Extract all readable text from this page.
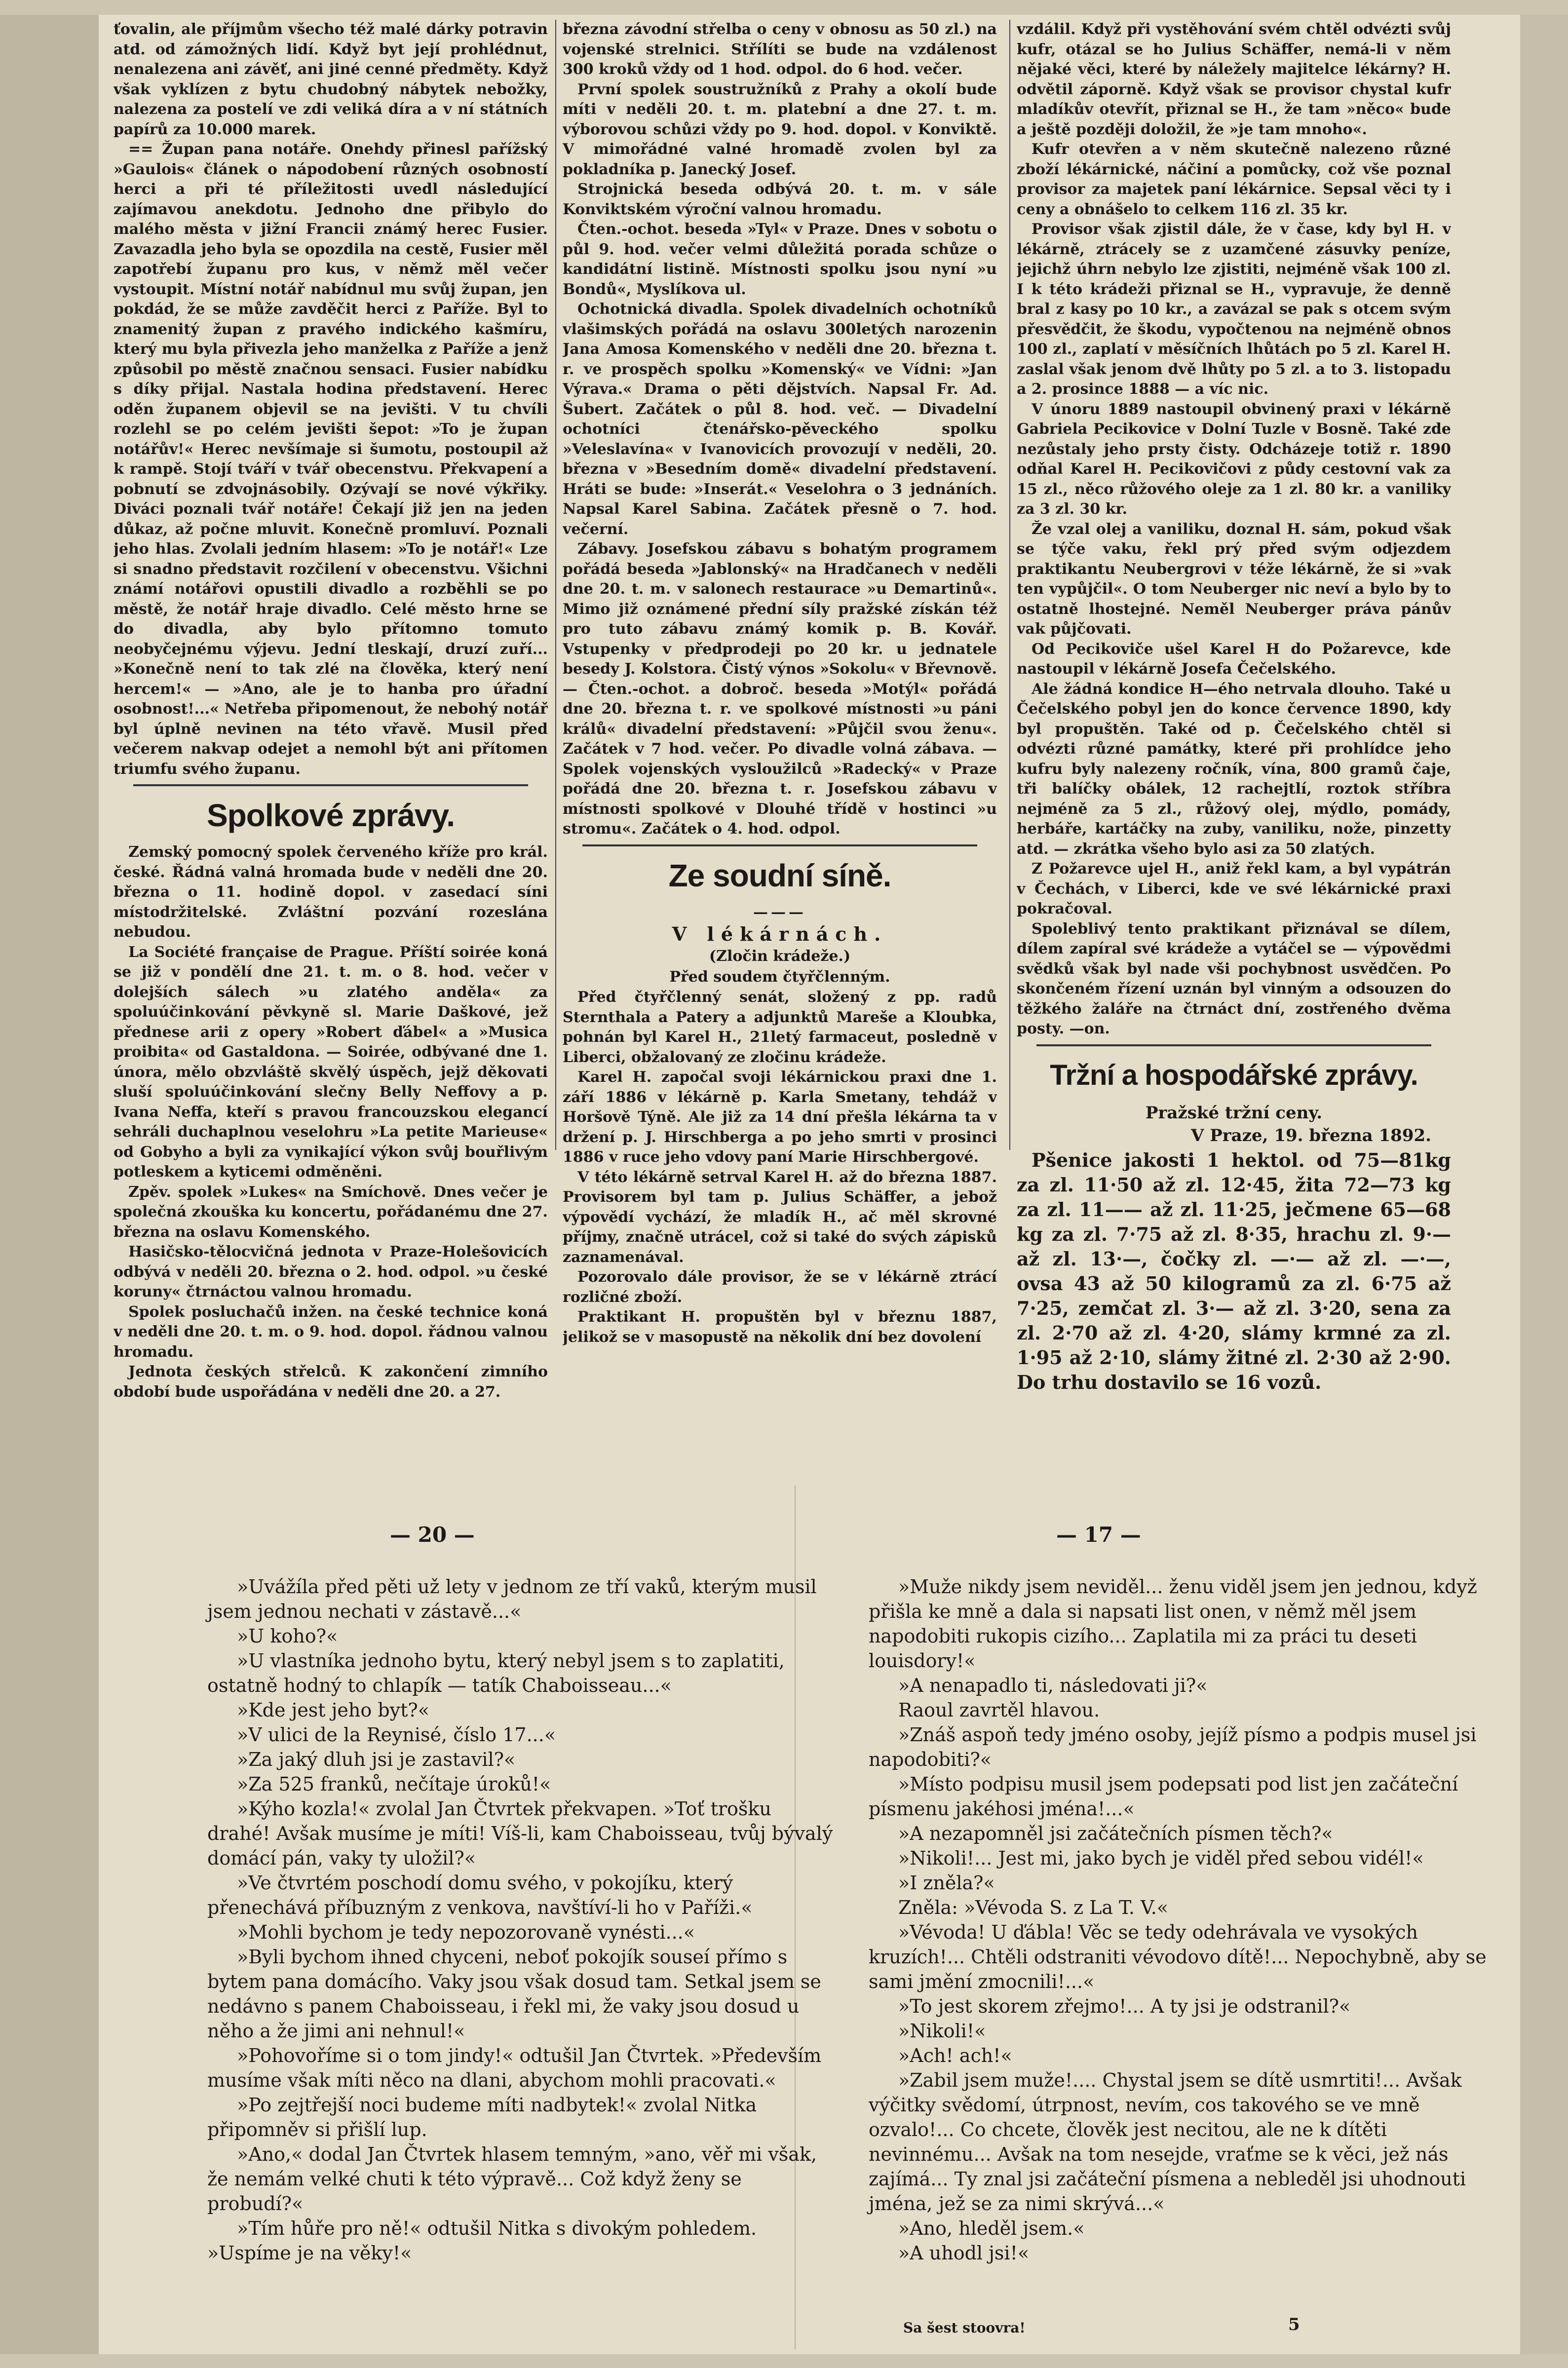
ťovalin, ale příjmům všecho též malé dárky potravin atd. od zámožných lidí. Když byt její prohlédnut, nenalezena ani závěť, ani jiné cenné předměty. Když však vyklízen z bytu chudobný nábytek nebožky, nalezena za postelí ve zdi veliká díra a v ní státních papírů za 10.000 marek.

== Župan pana notáře. Onehdy přinesl pařížský »Gaulois« článek o nápodobení různých osobností herci a při té příležitosti uvedl následující zajímavou anekdotu. Jednoho dne přibylo do malého města v jižní Francii známý herec Fusier. Zavazadla jeho byla se opozdila na cestě, Fusier měl zapotřebí županu pro kus, v němž měl večer vystoupit. Místní notář nabídnul mu svůj župan, jen pokdád, že se může zavděčit herci z Paříže. Byl to znamenitý župan z pravého indického kašmíru, který mu byla přivezla jeho manželka z Paříže a jenž způsobil po městě značnou sensaci. Fusier nabídku s díky přijal. Nastala hodina představení. Herec oděn županem objevil se na jevišti. V tu chvíli rozlehl se po celém jevišti šepot: »To je župan notářův!« Herec nevšímaje si šumotu, postoupil až k rampě. Stojí tváří v tvář obecenstvu. Překvapení a pobnutí se zdvojnásobily. Ozývají se nové výkřiky. Diváci poznali tvář notáře! Čekají již jen na jeden důkaz, až počne mluvit. Konečně promluví. Poznali jeho hlas. Zvolali jedním hlasem: »To je notář!« Lze si snadno představit rozčilení v obecenstvu. Všichni známí notářovi opustili divadlo a rozběhli se po městě, že notář hraje divadlo. Celé město hrne se do divadla, aby bylo přítomno tomuto neobyčejnému výjevu. Jední tleskají, druzí zuří... »Konečně není to tak zlé na člověka, který není hercem!« — »Ano, ale je to hanba pro úřadní osobnost!...« Netřeba připomenout, že nebohý notář byl úplně nevinen na této vřavě. Musil před večerem nakvap odejet a nemohl být ani přítomen triumfu svého županu.

Spolkové zprávy.

Zemský pomocný spolek červeného kříže pro král. české. Řádná valná hromada bude v neděli dne 20. března o 11. hodině dopol. v zasedací síni místodržitelské. Zvláštní pozvání rozeslána nebudou.

La Société française de Prague. Příští soirée koná se již v pondělí dne 21. t. m. o 8. hod. večer v dolejších sálech »u zlatého anděla« za spoluúčinkování pěvkyně sl. Marie Daškové, jež přednese arii z opery »Robert ďábel« a »Musica proibita« od Gastaldona. — Soirée, odbývané dne 1. února, mělo obzvláště skvělý úspěch, jejž děkovati sluší spoluúčinkování slečny Belly Neffovy a p. Ivana Neffa, kteří s pravou francouzskou elegancí sehráli duchaplnou veselohru »La petite Marieuse« od Gobyho a byli za vynikající výkon svůj bouřlivým potleskem a kyticemi odměněni.

Zpěv. spolek »Lukes« na Smíchově. Dnes večer je společná zkouška ku koncertu, pořádanému dne 27. března na oslavu Komenského.

Hasičsko-tělocvičná jednota v Praze-Holešovicích odbývá v neděli 20. března o 2. hod. odpol. »u české koruny« čtrnáctou valnou hromadu.

Spolek posluchačů inžen. na české technice koná v neděli dne 20. t. m. o 9. hod. dopol. řádnou valnou hromadu.

Jednota českých střelců. K zakončení zimního období bude uspořádána v neděli dne 20. a 27.

března závodní střelba o ceny v obnosu as 50 zl.) na vojenské strelnici. Střílíti se bude na vzdálenost 300 kroků vždy od 1 hod. odpol. do 6 hod. večer.

První spolek soustružníků z Prahy a okolí bude míti v neděli 20. t. m. platební a dne 27. t. m. výborovou schůzi vždy po 9. hod. dopol. v Konviktě. V mimořádné valné hromadě zvolen byl za pokladníka p. Janecký Josef.

Strojnická beseda odbývá 20. t. m. v sále Konviktském výroční valnou hromadu.

Čten.-ochot. beseda »Tyl« v Praze. Dnes v sobotu o půl 9. hod. večer velmi důležitá porada schůze o kandidátní listině. Místnosti spolku jsou nyní »u Bondů«, Myslíkova ul.

Ochotnická divadla. Spolek divadelních ochotníků vlašimských pořádá na oslavu 300letých narozenin Jana Amosa Komenského v neděli dne 20. března t. r. ve prospěch spolku »Komenský« ve Vídni: »Jan Výrava.« Drama o pěti dějstvích. Napsal Fr. Ad. Šubert. Začátek o půl 8. hod. več. — Divadelní ochotníci čtenářsko-pěveckého spolku »Veleslavína« v Ivanovicích provozují v neděli, 20. března v »Besedním domě« divadelní představení. Hráti se bude: »Inserát.« Veselohra o 3 jednáních. Napsal Karel Sabina. Začátek přesně o 7. hod. večerní.

Zábavy. Josefskou zábavu s bohatým programem pořádá beseda »Jablonský« na Hradčanech v neděli dne 20. t. m. v salonech restaurace »u Demartinů«. Mimo již oznámené přední síly pražské získán též pro tuto zábavu známý komik p. B. Kovář. Vstupenky v předprodeji po 20 kr. u jednatele besedy J. Kolstora. Čistý výnos »Sokolu« v Břevnově. — Čten.-ochot. a dobroč. beseda »Motýl« pořádá dne 20. března t. r. ve spolkové místnosti »u páni králů« divadelní představení: »Půjčil svou ženu«. Začátek v 7 hod. večer. Po divadle volná zábava. — Spolek vojenských vysloužilců »Radecký« v Praze pořádá dne 20. března t. r. Josefskou zábavu v místnosti spolkové v Dlouhé třídě v hostinci »u stromu«. Začátek o 4. hod. odpol.

Ze soudní síně.
———
V lékárnách.
(Zločin krádeže.)
Před soudem čtyřčlenným.

Před čtyřčlenný senát, složený z pp. radů Sternthala a Patery a adjunktů Mareše a Kloubka, pohnán byl Karel H., 21letý farmaceut, posledně v Liberci, obžalovaný ze zločinu krádeže.

Karel H. započal svoji lékárnickou praxi dne 1. září 1886 v lékárně p. Karla Smetany, tehdáž v Horšově Týně. Ale již za 14 dní přešla lékárna ta v držení p. J. Hirschberga a po jeho smrti v prosinci 1886 v ruce jeho vdovy paní Marie Hirschbergové.

V této lékárně setrval Karel H. až do března 1887. Provisorem byl tam p. Julius Schäffer, a jebož výpovědí vychází, že mladík H., ač měl skrovné příjmy, značně utrácel, což si také do svých zápisků zaznamenával.

Pozorovalo dále provisor, že se v lékárně ztrácí rozličné zboží.

Praktikant H. propuštěn byl v březnu 1887, jelikož se v masopustě na několik dní bez dovolení

vzdálil. Když při vystěhování svém chtěl odvézti svůj kufr, otázal se ho Julius Schäffer, nemá-li v něm nějaké věci, které by náležely majitelce lékárny? H. odvětil záporně. Když však se provisor chystal kufr mladíkův otevřít, přiznal se H., že tam »něco« bude a ještě později doložil, že »je tam mnoho«.

Kufr otevřen a v něm skutečně nalezeno různé zboží lékárnické, náčiní a pomůcky, což vše poznal provisor za majetek paní lékárnice. Sepsal věci ty i ceny a obnášelo to celkem 116 zl. 35 kr.

Provisor však zjistil dále, že v čase, kdy byl H. v lékárně, ztrácely se z uzamčené zásuvky peníze, jejichž úhrn nebylo lze zjistiti, nejméně však 100 zl. I k této krádeži přiznal se H., vypravuje, že denně bral z kasy po 10 kr., a zavázal se pak s otcem svým přesvědčit, že škodu, vypočtenou na nejméně obnos 100 zl., zaplatí v měsíčních lhůtách po 5 zl. Karel H. zaslal však jenom dvě lhůty po 5 zl. a to 3. listopadu a 2. prosince 1888 — a víc nic.

V únoru 1889 nastoupil obvinený praxi v lékárně Gabriela Pecikovice v Dolní Tuzle v Bosně. Také zde nezůstaly jeho prsty čisty. Odcházeje totiž r. 1890 odňal Karel H. Pecikovičovi z půdy cestovní vak za 15 zl., něco růžového oleje za 1 zl. 80 kr. a vaniliky za 3 zl. 30 kr.

Že vzal olej a vaniliku, doznal H. sám, pokud však se týče vaku, řekl prý před svým odjezdem praktikantu Neubergrovi v téže lékárně, že si »vak ten vypůjčil«. O tom Neuberger nic neví a bylo by to ostatně lhostejné. Neměl Neuberger práva pánův vak půjčovati.

Od Pecikoviče ušel Karel H do Požarevce, kde nastoupil v lékárně Josefa Čečelského.

Ale žádná kondice H—ého netrvala dlouho. Také u Čečelského pobyl jen do konce července 1890, kdy byl propuštěn. Také od p. Čečelského chtěl si odvézti různé památky, které při prohlídce jeho kufru byly nalezeny ročník, vína, 800 gramů čaje, tři balíčky obálek, 12 rachejtlí, roztok stříbra nejméně za 5 zl., růžový olej, mýdlo, pomády, herbáře, kartáčky na zuby, vaniliku, nože, pinzetty atd. — zkrátka všeho bylo asi za 50 zlatých.

Z Požarevce ujel H., aniž řekl kam, a byl vypátrán v Čechách, v Liberci, kde ve své lékárnické praxi pokračoval.

Spoleblivý tento praktikant přiznával se dílem, dílem zapíral své krádeže a vytáčel se — výpovědmi svědků však byl nade vši pochybnost usvědčen. Po skončeném řízení uznán byl vinným a odsouzen do těžkého žaláře na čtrnáct dní, zostřeného dvěma posty. —on.

Tržní a hospodářské zprávy.
Pražské tržní ceny.
V Praze, 19. března 1892.

Pšenice jakosti 1 hektol. od 75—81kg za zl. 11·50 až zl. 12·45, žita 72—73 kg za zl. 11—— až zl. 11·25, ječmene 65—68 kg za zl. 7·75 až zl. 8·35, hrachu zl. 9·— až zl. 13·—, čočky zl. —·— až zl. —·—, ovsa 43 až 50 kilogramů za zl. 6·75 až 7·25, zemčat zl. 3·— až zl. 3·20, sena za zl. 2·70 až zl. 4·20, slámy krmné za zl. 1·95 až 2·10, slámy žitné zl. 2·30 až 2·90. Do trhu dostavilo se 16 vozů.

— 20 —	— 17 —

»Uvážíla před pěti už lety v jednom ze tří vaků, kterým musil jsem jednou nechati v zástavě...«

»U koho?«

»U vlastníka jednoho bytu, který nebyl jsem s to zaplatiti, ostatně hodný to chlapík — tatík Chaboisseau...«

»Kde jest jeho byt?«

»V ulici de la Reynisé, číslo 17...«

»Za jaký dluh jsi je zastavil?«

»Za 525 franků, nečítaje úroků!«

»Kýho kozla!« zvolal Jan Čtvrtek překvapen. »Toť trošku drahé! Avšak musíme je míti! Víš-li, kam Chaboisseau, tvůj bývalý domácí pán, vaky ty uložil?«

»Ve čtvrtém poschodí domu svého, v pokojíku, který přenechává příbuzným z venkova, navštíví-li ho v Paříži.«

»Mohli bychom je tedy nepozorovaně vynésti...«

»Byli bychom ihned chyceni, neboť pokojík souseí přímo s bytem pana domácího. Vaky jsou však dosud tam. Setkal jsem se nedávno s panem Chaboisseau, i řekl mi, že vaky jsou dosud u něho a že jimi ani nehnul!«

»Pohovoříme si o tom jindy!« odtušil Jan Čtvrtek. »Především musíme však míti něco na dlani, abychom mohli pracovati.«

»Po zejtřejší noci budeme míti nadbytek!« zvolal Nitka připomněv si přišlí lup.

»Ano,« dodal Jan Čtvrtek hlasem temným, »ano, věř mi však, že nemám velké chuti k této výpravě... Což když ženy se probudí?«

»Tím hůře pro ně!« odtušil Nitka s divokým pohledem. »Uspíme je na věky!«

»Muže nikdy jsem neviděl... ženu viděl jsem jen jednou, když přišla ke mně a dala si napsati list onen, v němž měl jsem napodobiti rukopis cizího... Zaplatila mi za práci tu deseti louisdory!«

»A nenapadlo ti, následovati ji?«

Raoul zavrtěl hlavou.

»Znáš aspoň tedy jméno osoby, jejíž písmo a podpis musel jsi napodobiti?«

»Místo podpisu musil jsem podepsati pod list jen začáteční písmenu jakéhosi jména!...«

»A nezapomněl jsi začátečních písmen těch?«

»Nikoli!... Jest mi, jako bych je viděl před sebou vidél!«

»I zněla?«

Zněla: »Vévoda S. z La T. V.«

»Vévoda! U ďábla! Věc se tedy odehrávala ve vysokých kruzích!... Chtěli odstraniti vévodovo dítě!... Nepochybně, aby se sami jmění zmocnili!...«

»To jest skorem zřejmo!... A ty jsi je odstranil?«

»Nikoli!«

»Ach! ach!«

»Zabil jsem muže!.... Chystal jsem se dítě usmrtiti!... Avšak výčitky svědomí, útrpnost, nevím, cos takového se ve mně ozvalo!... Co chcete, člověk jest necitou, ale ne k dítěti nevinnému... Avšak na tom nesejde, vraťme se k věci, jež nás zajímá... Ty znal jsi začáteční písmena a nebleděl jsi uhodnouti jména, jež se za nimi skrývá...«

»Ano, hleděl jsem.«

»A uhodl jsi!«

Sa šest stoovra!	5
